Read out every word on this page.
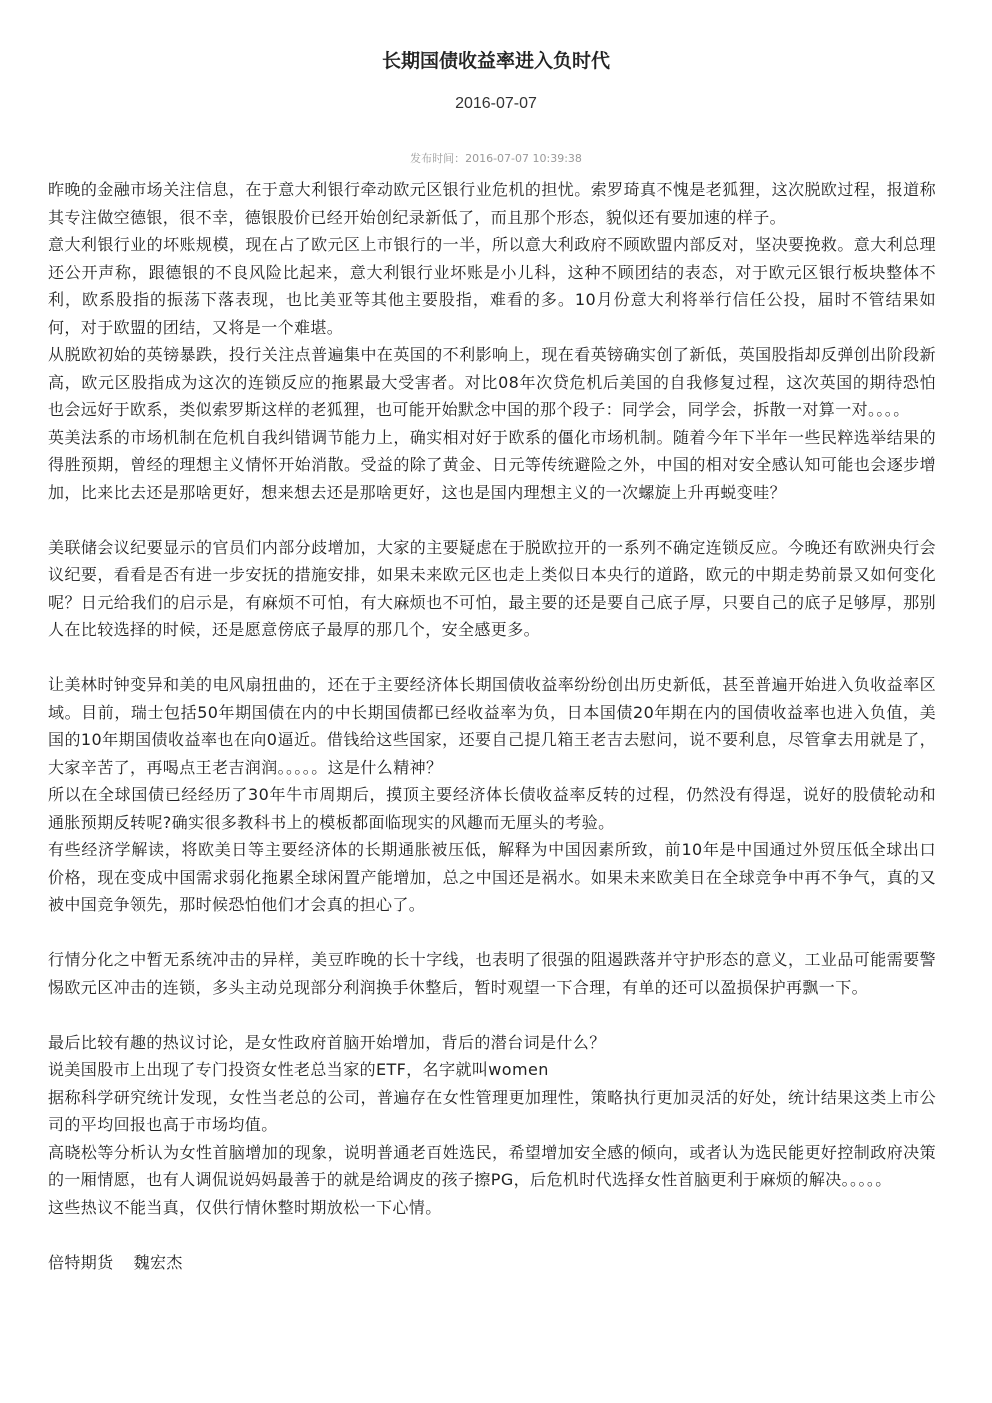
长期国债收益率进入负时代
2016-07-07
发布时间：2016-07-07 10:39:38

昨晚的金融市场关注信息，在于意大利银行牵动欧元区银行业危机的担忧。索罗琦真不愧是老狐狸，这次脱欧过程，报道称其专注做空德银，很不幸，德银股价已经开始创纪录新低了，而且那个形态，貌似还有要加速的样子。

意大利银行业的坏账规模，现在占了欧元区上市银行的一半，所以意大利政府不顾欧盟内部反对，坚决要挽救。意大利总理还公开声称，跟德银的不良风险比起来，意大利银行业坏账是小儿科，这种不顾团结的表态，对于欧元区银行板块整体不利，欧系股指的振荡下落表现，也比美亚等其他主要股指，难看的多。10月份意大利将举行信任公投，届时不管结果如何，对于欧盟的团结，又将是一个难堪。

从脱欧初始的英镑暴跌，投行关注点普遍集中在英国的不利影响上，现在看英镑确实创了新低，英国股指却反弹创出阶段新高，欧元区股指成为这次的连锁反应的拖累最大受害者。对比08年次贷危机后美国的自我修复过程，这次英国的期待恐怕也会远好于欧系，类似索罗斯这样的老狐狸，也可能开始默念中国的那个段子：同学会，同学会，拆散一对算一对。。。。

英美法系的市场机制在危机自我纠错调节能力上，确实相对好于欧系的僵化市场机制。随着今年下半年一些民粹选举结果的得胜预期，曾经的理想主义情怀开始消散。受益的除了黄金、日元等传统避险之外，中国的相对安全感认知可能也会逐步增加，比来比去还是那啥更好，想来想去还是那啥更好，这也是国内理想主义的一次螺旋上升再蜕变哇？

美联储会议纪要显示的官员们内部分歧增加，大家的主要疑虑在于脱欧拉开的一系列不确定连锁反应。今晚还有欧洲央行会议纪要，看看是否有进一步安抚的措施安排，如果未来欧元区也走上类似日本央行的道路，欧元的中期走势前景又如何变化呢？日元给我们的启示是，有麻烦不可怕，有大麻烦也不可怕，最主要的还是要自己底子厚，只要自己的底子足够厚，那别人在比较选择的时候，还是愿意傍底子最厚的那几个，安全感更多。

让美林时钟变异和美的电风扇扭曲的，还在于主要经济体长期国债收益率纷纷创出历史新低，甚至普遍开始进入负收益率区域。目前，瑞士包括50年期国债在内的中长期国债都已经收益率为负，日本国债20年期在内的国债收益率也进入负值，美国的10年期国债收益率也在向0逼近。借钱给这些国家，还要自己提几箱王老吉去慰问，说不要利息，尽管拿去用就是了，大家辛苦了，再喝点王老吉润润。。。。。这是什么精神？

所以在全球国债已经经历了30年牛市周期后，摸顶主要经济体长债收益率反转的过程，仍然没有得逞，说好的股债轮动和通胀预期反转呢?确实很多教科书上的模板都面临现实的风趣而无厘头的考验。

有些经济学解读，将欧美日等主要经济体的长期通胀被压低，解释为中国因素所致，前10年是中国通过外贸压低全球出口价格，现在变成中国需求弱化拖累全球闲置产能增加，总之中国还是祸水。如果未来欧美日在全球竞争中再不争气，真的又被中国竞争领先，那时候恐怕他们才会真的担心了。

行情分化之中暂无系统冲击的异样，美豆昨晚的长十字线，也表明了很强的阻遏跌落并守护形态的意义，工业品可能需要警惕欧元区冲击的连锁，多头主动兑现部分利润换手休整后，暂时观望一下合理，有单的还可以盈损保护再飘一下。

最后比较有趣的热议讨论，是女性政府首脑开始增加，背后的潜台词是什么？

说美国股市上出现了专门投资女性老总当家的ETF，名字就叫women

据称科学研究统计发现，女性当老总的公司，普遍存在女性管理更加理性，策略执行更加灵活的好处，统计结果这类上市公司的平均回报也高于市场均值。

高晓松等分析认为女性首脑增加的现象，说明普通老百姓选民，希望增加安全感的倾向，或者认为选民能更好控制政府决策的一厢情愿，也有人调侃说妈妈最善于的就是给调皮的孩子擦PG，后危机时代选择女性首脑更利于麻烦的解决。。。。。

这些热议不能当真，仅供行情休整时期放松一下心情。

倍特期货 魏宏杰
